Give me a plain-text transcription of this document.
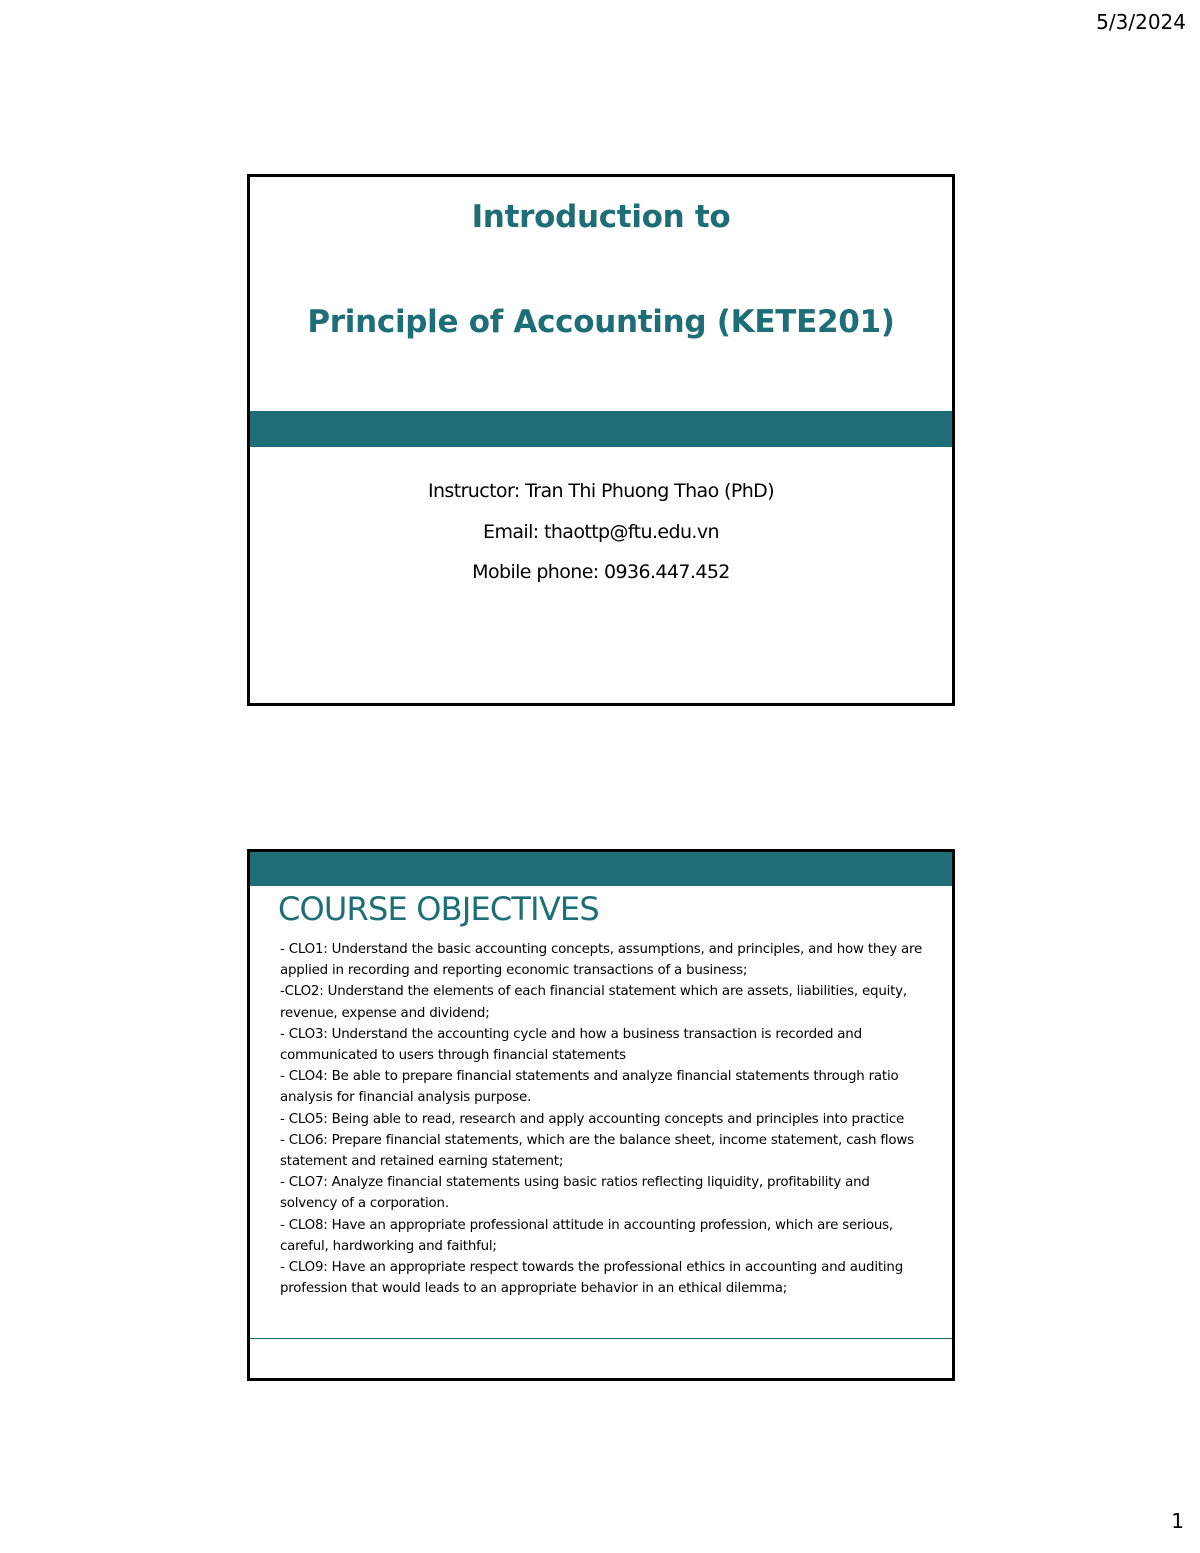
5/3/2024
Introduction to
Principle of Accounting (KETE201)
Instructor: Tran Thi Phuong Thao (PhD)
Email: thaottp@ftu.edu.vn
Mobile phone: 0936.447.452
COURSE OBJECTIVES
- CLO1: Understand the basic accounting concepts, assumptions, and principles, and how they are applied in recording and reporting economic transactions of a business;
-CLO2: Understand the elements of each financial statement which are assets, liabilities, equity, revenue, expense and dividend;
- CLO3: Understand the accounting cycle and how a business transaction is recorded and communicated to users through financial statements
- CLO4: Be able to prepare financial statements and analyze financial statements through ratio analysis for financial analysis purpose.
- CLO5: Being able to read, research and apply accounting concepts and principles into practice
- CLO6: Prepare financial statements, which are the balance sheet, income statement, cash flows statement and retained earning statement;
- CLO7: Analyze financial statements using basic ratios reflecting liquidity, profitability and solvency of a corporation.
- CLO8: Have an appropriate professional attitude in accounting profession, which are serious, careful, hardworking and faithful;
- CLO9: Have an appropriate respect towards the professional ethics in accounting and auditing profession that would leads to an appropriate behavior in an ethical dilemma;
1
